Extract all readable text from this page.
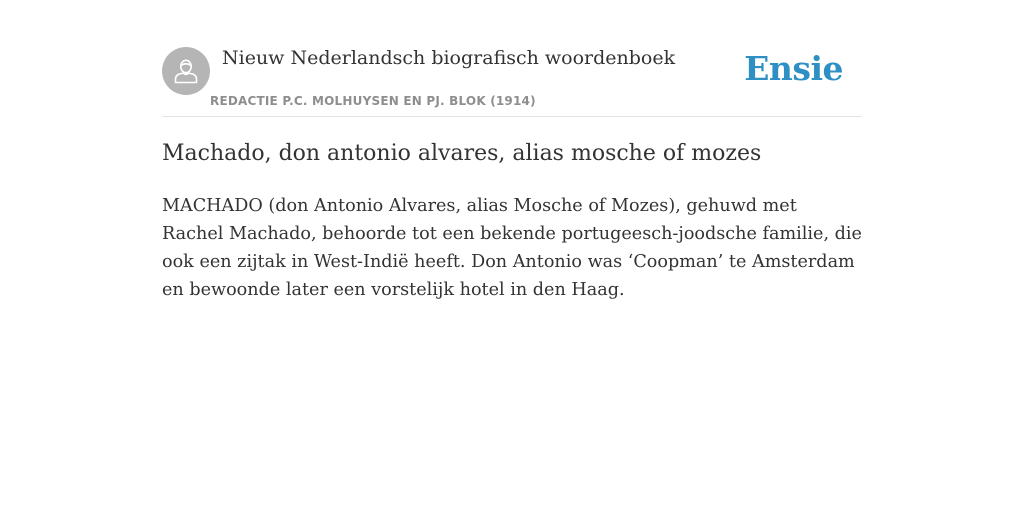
Nieuw Nederlandsch biografisch woordenboek

REDACTIE P.C. MOLHUYSEN EN PJ. BLOK (1914)

Ensie
Machado, don antonio alvares, alias mosche of mozes

MACHADO (don Antonio Alvares, alias Mosche of Mozes), gehuwd met Rachel Machado, behoorde tot een bekende portugeesch-joodsche familie, die ook een zijtak in West-Indië heeft. Don Antonio was ‘Coopman’ te Amsterdam en bewoonde later een vorstelijk hotel in den Haag.
